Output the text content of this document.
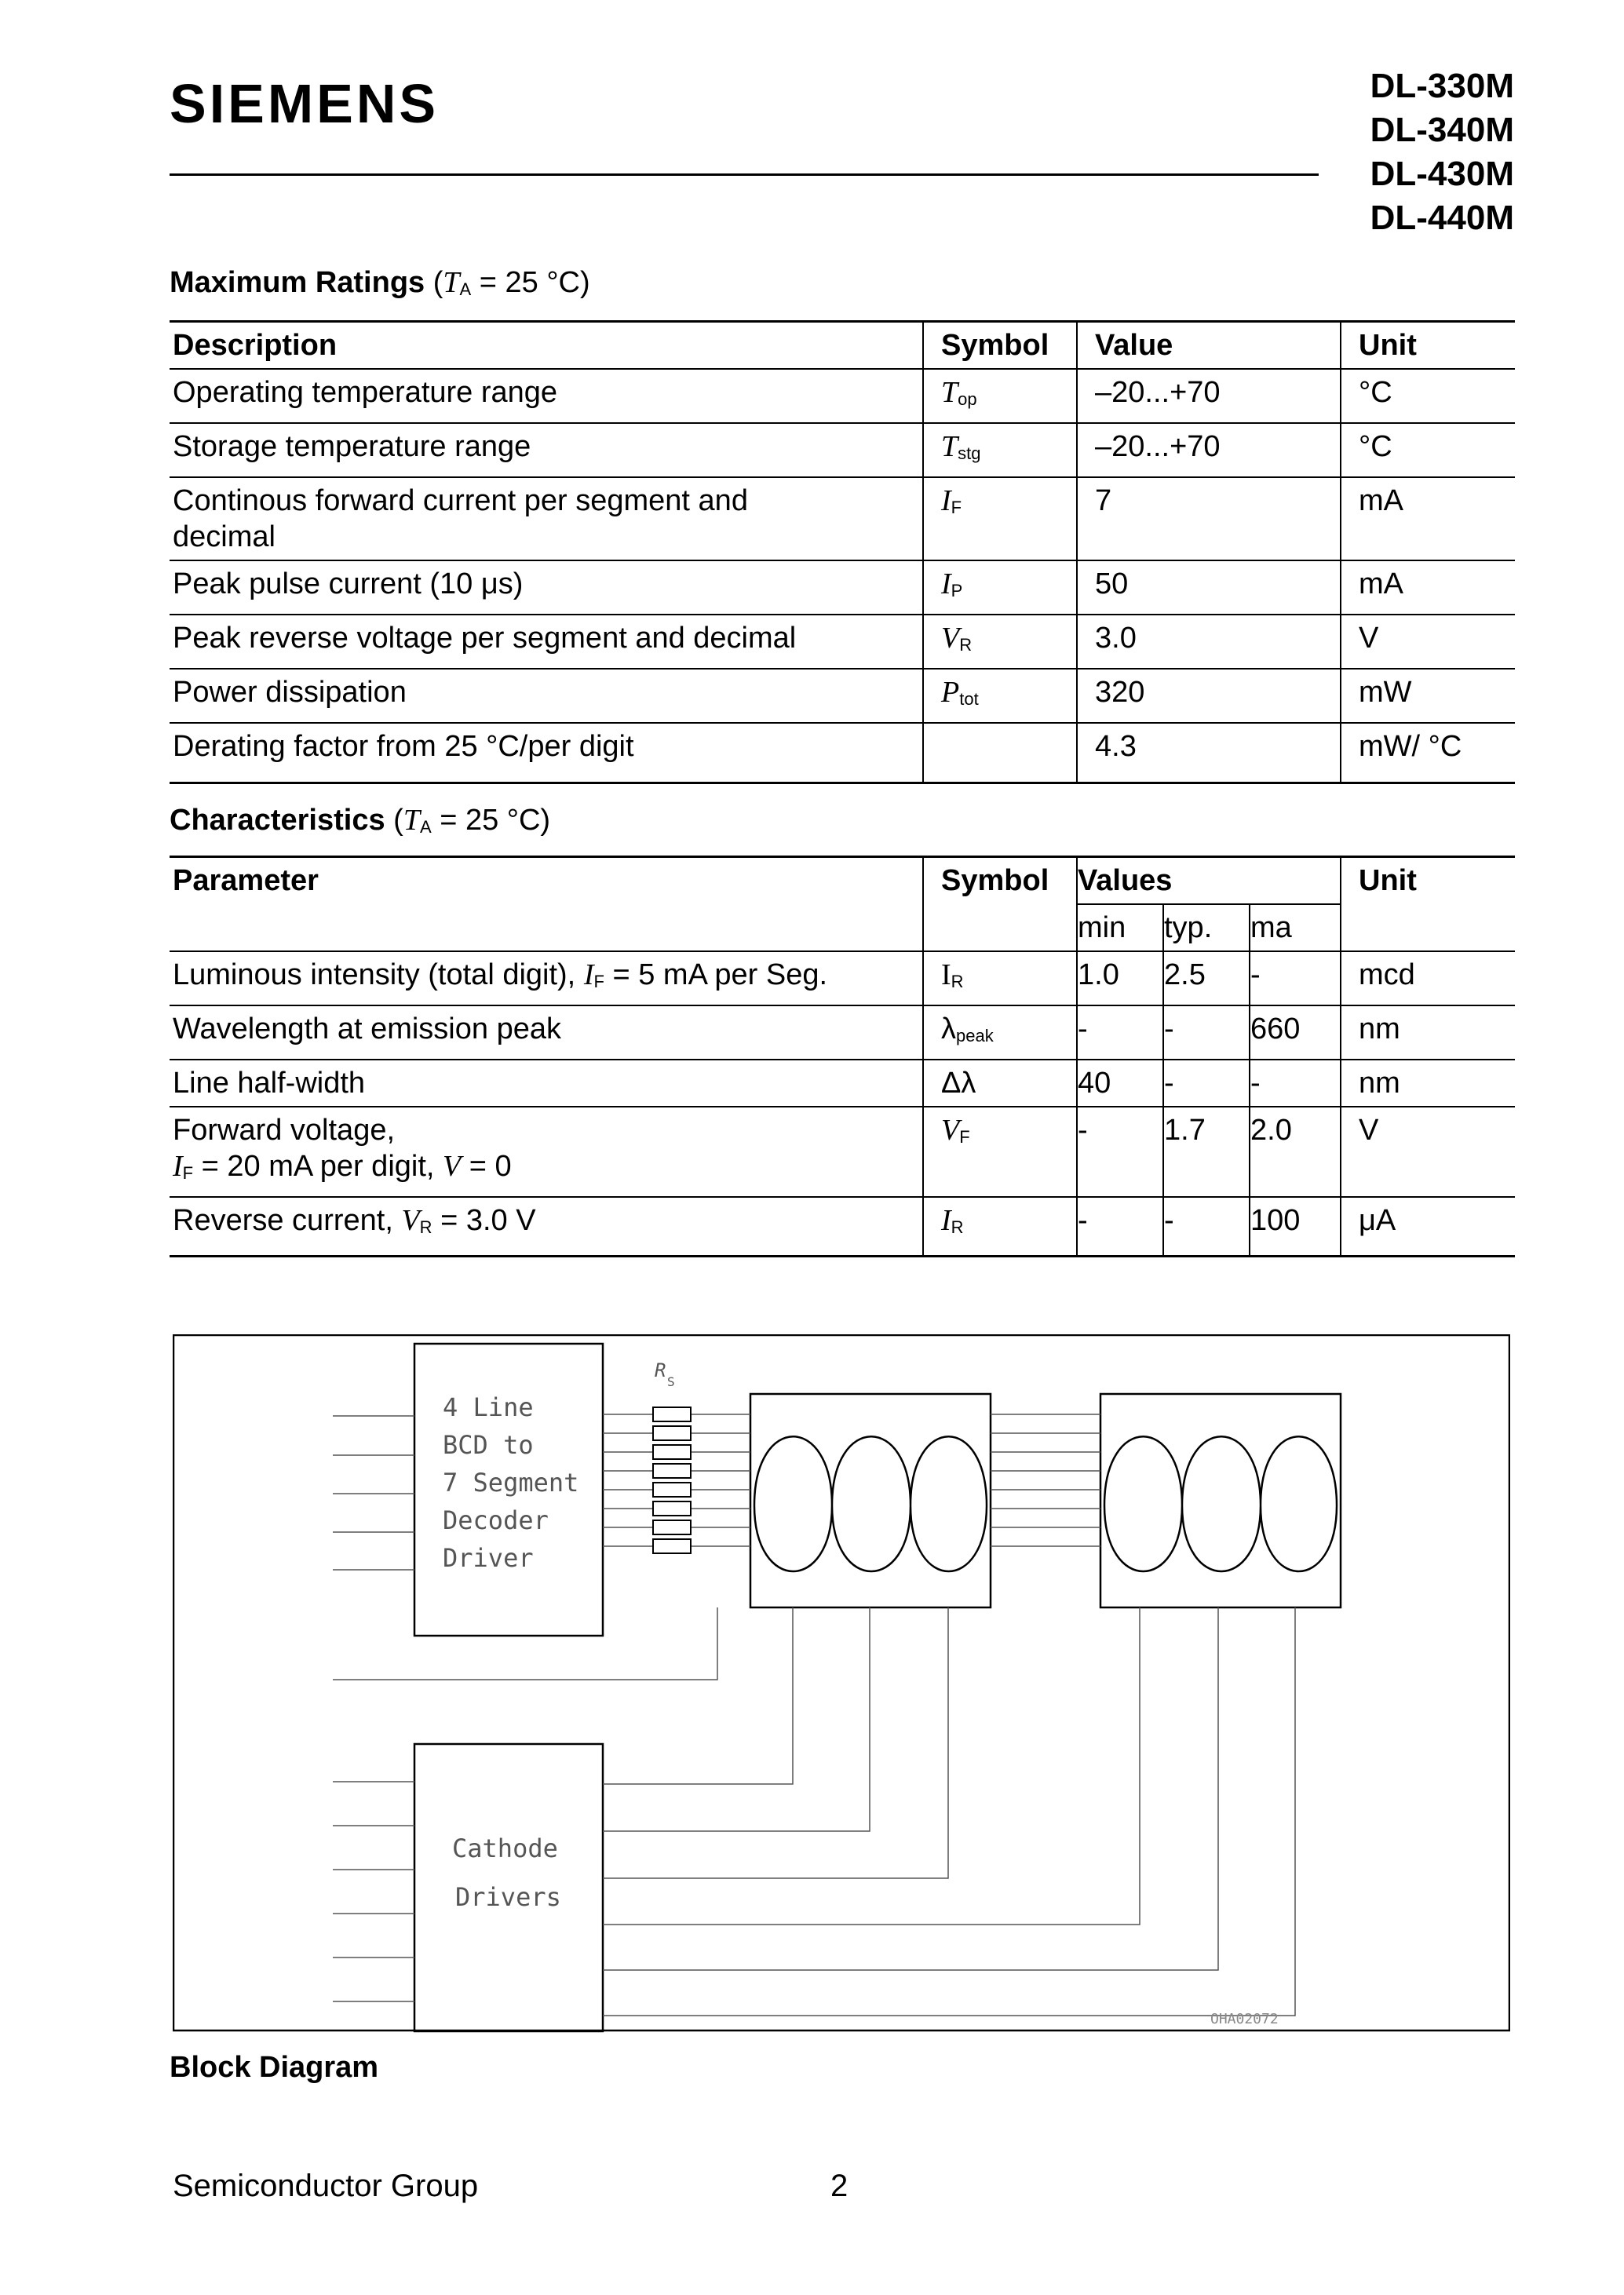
SIEMENS	DL-330M
DL-340M
DL-430M
DL-440M
Maximum Ratings (TA = 25 °C)
Description	Symbol	Value	Unit
Operating temperature range	Top	–20...+70	°C
Storage temperature range	Tstg	–20...+70	°C
Continous forward current per segment and decimal	IF	7	mA
Peak pulse current (10 μs)	IP	50	mA
Peak reverse voltage per segment and decimal	VR	3.0	V
Power dissipation	Ptot	320	mW
Derating factor from 25 °C/per digit		4.3	mW/ °C
Characteristics (TA = 25 °C)
Parameter	Symbol	Values			Unit
		min	typ.	ma	
Luminous intensity (total digit), IF = 5 mA per Seg.	IR	1.0	2.5	-	mcd
Wavelength at emission peak	λpeak	-	-	660	nm
Line half-width	Δλ	40	-	-	nm

Forward voltage,
IF = 20 mA per digit, V = 0	VF	-	1.7	2.0	V
Reverse current, VR = 3.0 V	IR	-	-	100	μA
4 Line
BCD to
7 Segment
Decoder
Driver
Cathode
Drivers
R
S
OHA02072
Block Diagram
Semiconductor Group	2
